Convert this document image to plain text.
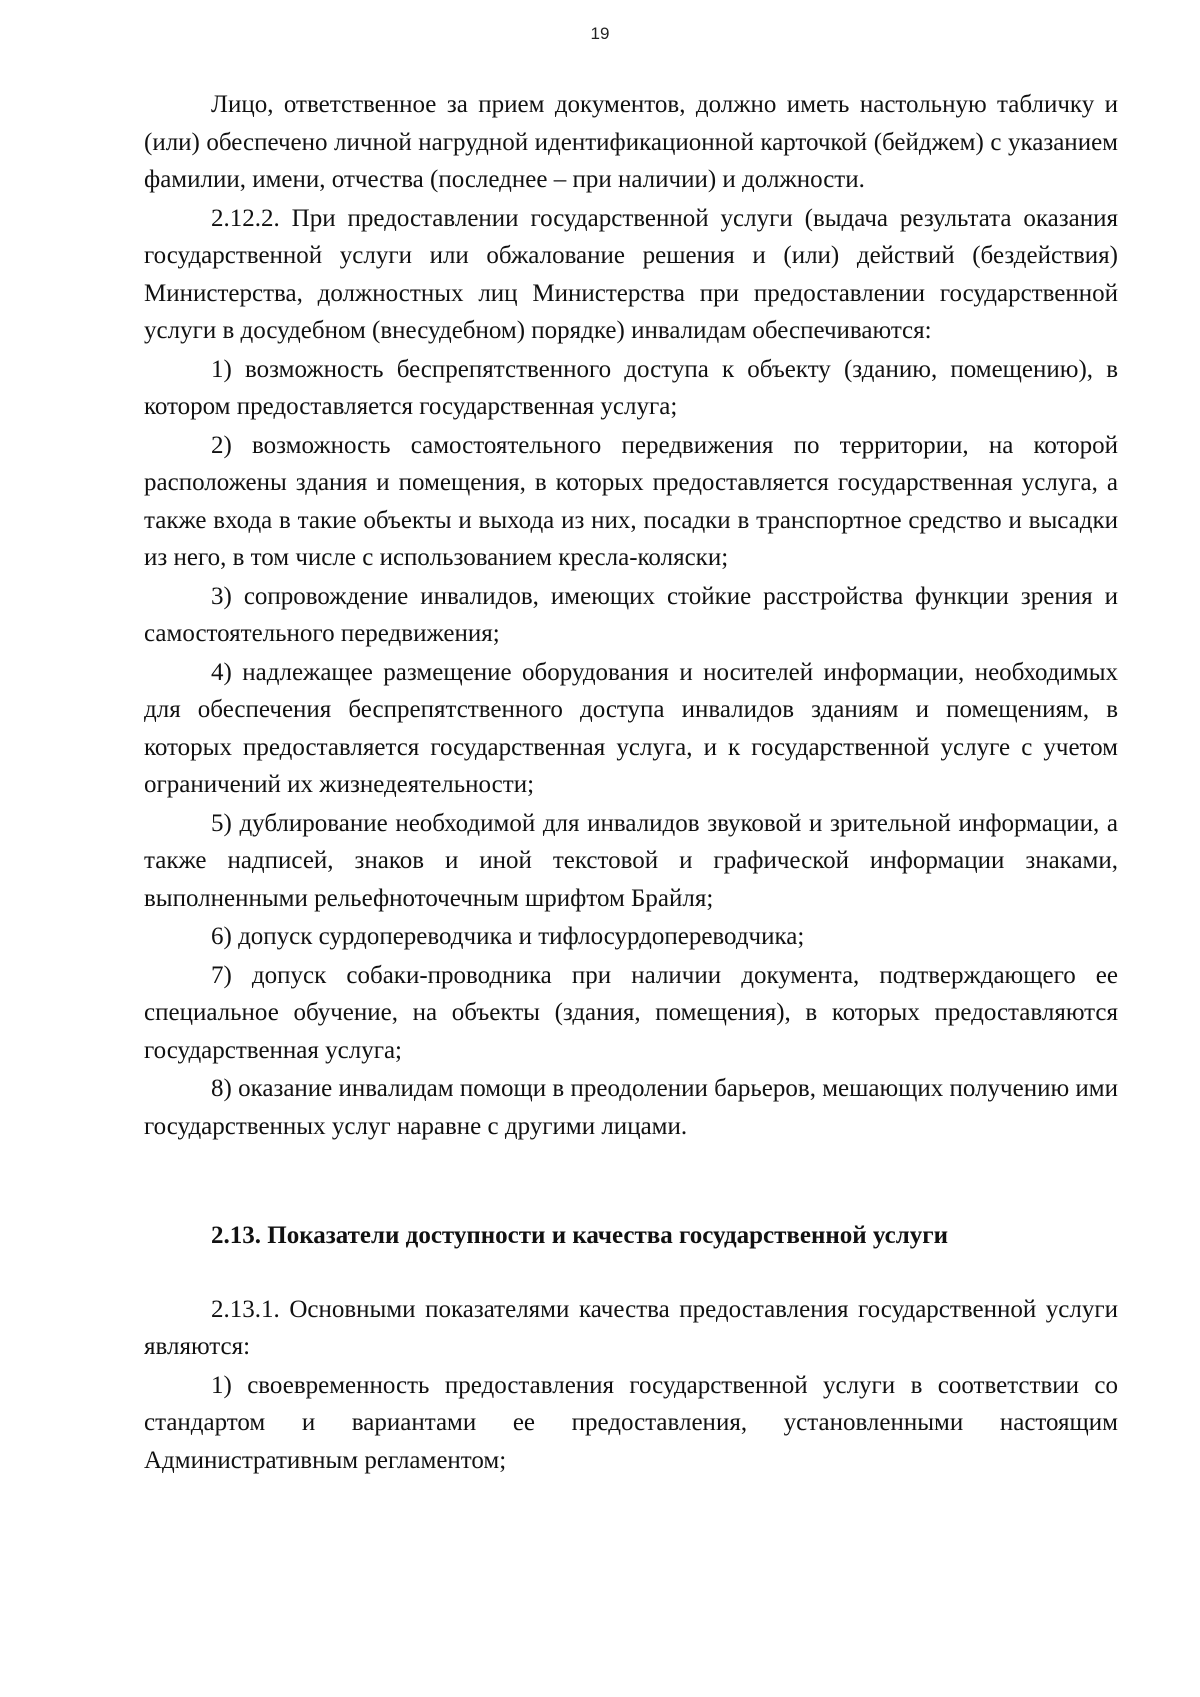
19

Лицо, ответственное за прием документов, должно иметь настольную табличку и (или) обеспечено личной нагрудной идентификационной карточкой (бейджем) с указанием фамилии, имени, отчества (последнее – при наличии) и должности.

2.12.2. При предоставлении государственной услуги (выдача результата оказания государственной услуги или обжалование решения и (или) действий (бездействия) Министерства, должностных лиц Министерства при предоставлении государственной услуги в досудебном (внесудебном) порядке) инвалидам обеспечиваются:

1) возможность беспрепятственного доступа к объекту (зданию, помещению), в котором предоставляется государственная услуга;

2) возможность самостоятельного передвижения по территории, на которой расположены здания и помещения, в которых предоставляется государственная услуга, а также входа в такие объекты и выхода из них, посадки в транспортное средство и высадки из него, в том числе с использованием кресла-коляски;

3) сопровождение инвалидов, имеющих стойкие расстройства функции зрения и самостоятельного передвижения;

4) надлежащее размещение оборудования и носителей информации, необходимых для обеспечения беспрепятственного доступа инвалидов зданиям и помещениям, в которых предоставляется государственная услуга, и к государственной услуге с учетом ограничений их жизнедеятельности;

5) дублирование необходимой для инвалидов звуковой и зрительной информации, а также надписей, знаков и иной текстовой и графической информации знаками, выполненными рельефноточечным шрифтом Брайля;

6) допуск сурдопереводчика и тифлосурдопереводчика;

7) допуск собаки-проводника при наличии документа, подтверждающего ее специальное обучение, на объекты (здания, помещения), в которых предоставляются государственная услуга;

8) оказание инвалидам помощи в преодолении барьеров, мешающих получению ими государственных услуг наравне с другими лицами.

2.13. Показатели доступности и качества государственной услуги

2.13.1. Основными показателями качества предоставления государственной услуги являются:

1) своевременность предоставления государственной услуги в соответствии со стандартом и вариантами ее предоставления, установленными настоящим Административным регламентом;
